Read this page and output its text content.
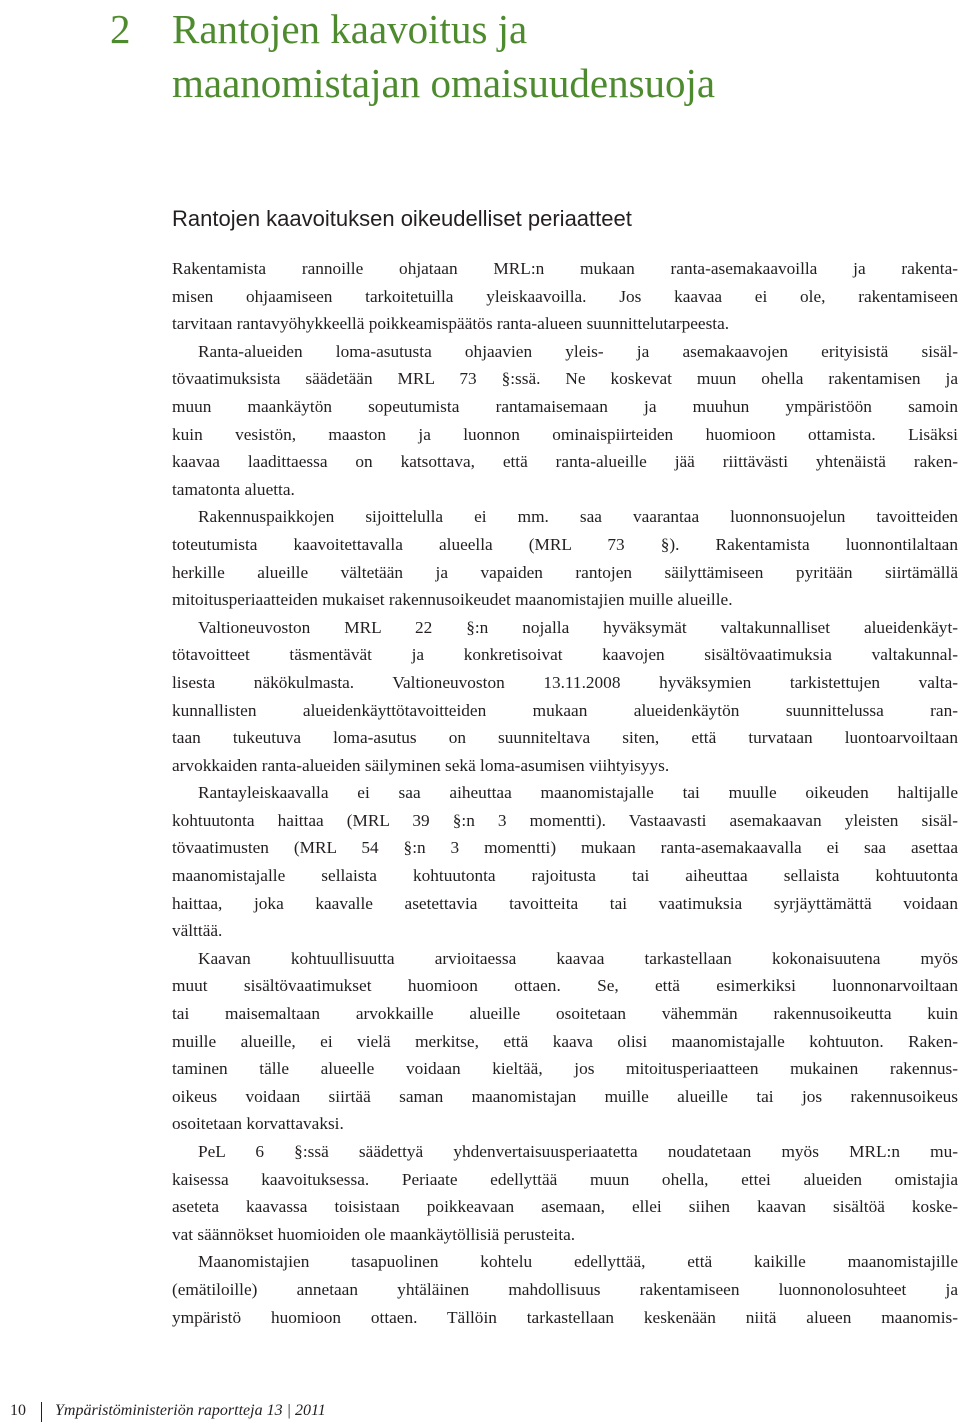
2 Rantojen kaavoitus ja
maanomistajan omaisuudensuoja
Rantojen kaavoituksen oikeudelliset periaatteet
Rakentamista rannoille ohjataan MRL:n mukaan ranta-asemakaavoilla ja rakenta-
misen ohjaamiseen tarkoitetuilla yleiskaavoilla. Jos kaavaa ei ole, rakentamiseen
tarvitaan rantavyöhykkeellä poikkeamispäätös ranta-alueen suunnittelutarpeesta.
Ranta-alueiden loma-asutusta ohjaavien yleis- ja asemakaavojen erityisistä sisäl-
tövaatimuksista säädetään MRL 73 §:ssä. Ne koskevat muun ohella rakentamisen ja
muun maankäytön sopeutumista rantamaisemaan ja muuhun ympäristöön samoin
kuin vesistön, maaston ja luonnon ominaispiirteiden huomioon ottamista. Lisäksi
kaavaa laadittaessa on katsottava, että ranta-alueille jää riittävästi yhtenäistä raken-
tamatonta aluetta.
Rakennuspaikkojen sijoittelulla ei mm. saa vaarantaa luonnonsuojelun tavoitteiden
toteutumista kaavoitettavalla alueella (MRL 73 §). Rakentamista luonnontilaltaan
herkille alueille vältetään ja vapaiden rantojen säilyttämiseen pyritään siirtämällä
mitoitusperiaatteiden mukaiset rakennusoikeudet maanomistajien muille alueille.
Valtioneuvoston MRL 22 §:n nojalla hyväksymät valtakunnalliset alueidenkäyt-
tötavoitteet täsmentävät ja konkretisoivat kaavojen sisältövaatimuksia valtakunnal-
lisesta näkökulmasta. Valtioneuvoston 13.11.2008 hyväksymien tarkistettujen valta-
kunnallisten alueidenkäyttötavoitteiden mukaan alueidenkäytön suunnittelussa ran-
taan tukeutuva loma-asutus on suunniteltava siten, että turvataan luontoarvoiltaan
arvokkaiden ranta-alueiden säilyminen sekä loma-asumisen viihtyisyys.
Rantayleiskaavalla ei saa aiheuttaa maanomistajalle tai muulle oikeuden haltijalle
kohtuutonta haittaa (MRL 39 §:n 3 momentti). Vastaavasti asemakaavan yleisten sisäl-
tövaatimusten (MRL 54 §:n 3 momentti) mukaan ranta-asemakaavalla ei saa asettaa
maanomistajalle sellaista kohtuutonta rajoitusta tai aiheuttaa sellaista kohtuutonta
haittaa, joka kaavalle asetettavia tavoitteita tai vaatimuksia syrjäyttämättä voidaan
välttää.
Kaavan kohtuullisuutta arvioitaessa kaavaa tarkastellaan kokonaisuutena myös
muut sisältövaatimukset huomioon ottaen. Se, että esimerkiksi luonnonarvoiltaan
tai maisemaltaan arvokkaille alueille osoitetaan vähemmän rakennusoikeutta kuin
muille alueille, ei vielä merkitse, että kaava olisi maanomistajalle kohtuuton. Raken-
taminen tälle alueelle voidaan kieltää, jos mitoitusperiaatteen mukainen rakennus-
oikeus voidaan siirtää saman maanomistajan muille alueille tai jos rakennusoikeus
osoitetaan korvattavaksi.
PeL 6 §:ssä säädettyä yhdenvertaisuusperiaatetta noudatetaan myös MRL:n mu-
kaisessa kaavoituksessa. Periaate edellyttää muun ohella, ettei alueiden omistajia
aseteta kaavassa toisistaan poikkeavaan asemaan, ellei siihen kaavan sisältöä koske-
vat säännökset huomioiden ole maankäytöllisiä perusteita.
Maanomistajien tasapuolinen kohtelu edellyttää, että kaikille maanomistajille
(emätiloille) annetaan yhtäläinen mahdollisuus rakentamiseen luonnonolosuhteet ja
ympäristö huomioon ottaen. Tällöin tarkastellaan keskenään niitä alueen maanomis-
10 Ympäristöministeriön raportteja 13 | 2011
